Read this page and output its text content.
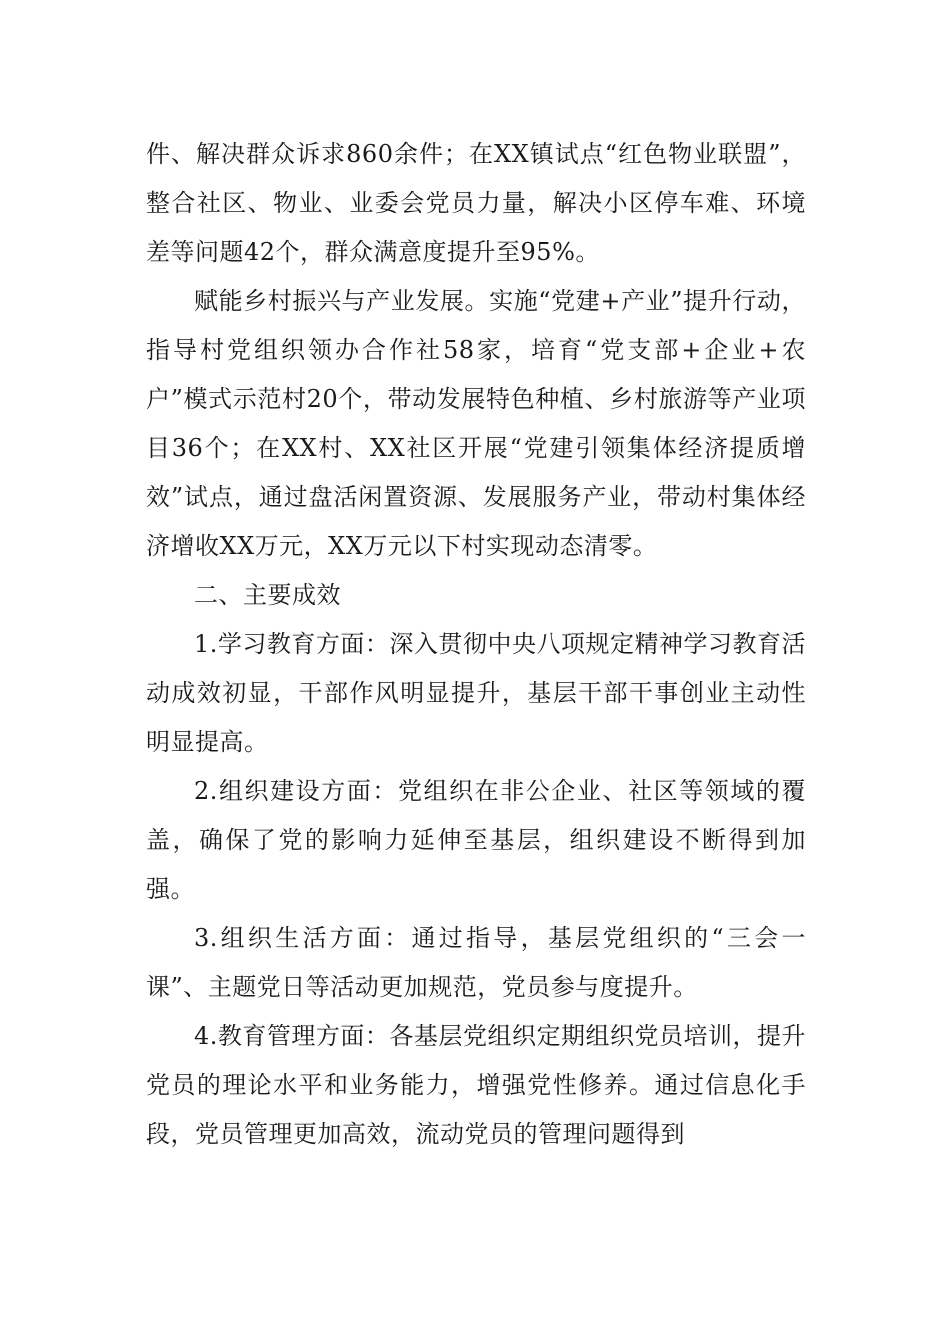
件、解决群众诉求860余件；在XX镇试点“红色物业联盟”，整合社区、物业、业委会党员力量，解决小区停车难、环境差等问题42个，群众满意度提升至95%。

赋能乡村振兴与产业发展。实施“党建+产业”提升行动，指导村党组织领办合作社58家，培育“党支部+企业+农户”模式示范村20个，带动发展特色种植、乡村旅游等产业项目36个；在XX村、XX社区开展“党建引领集体经济提质增效”试点，通过盘活闲置资源、发展服务产业，带动村集体经济增收XX万元，XX万元以下村实现动态清零。

二、主要成效

1.学习教育方面：深入贯彻中央八项规定精神学习教育活动成效初显，干部作风明显提升，基层干部干事创业主动性明显提高。

2.组织建设方面：党组织在非公企业、社区等领域的覆盖，确保了党的影响力延伸至基层，组织建设不断得到加强。

3.组织生活方面：通过指导，基层党组织的“三会一课”、主题党日等活动更加规范，党员参与度提升。

4.教育管理方面：各基层党组织定期组织党员培训，提升党员的理论水平和业务能力，增强党性修养。通过信息化手段，党员管理更加高效，流动党员的管理问题得到
